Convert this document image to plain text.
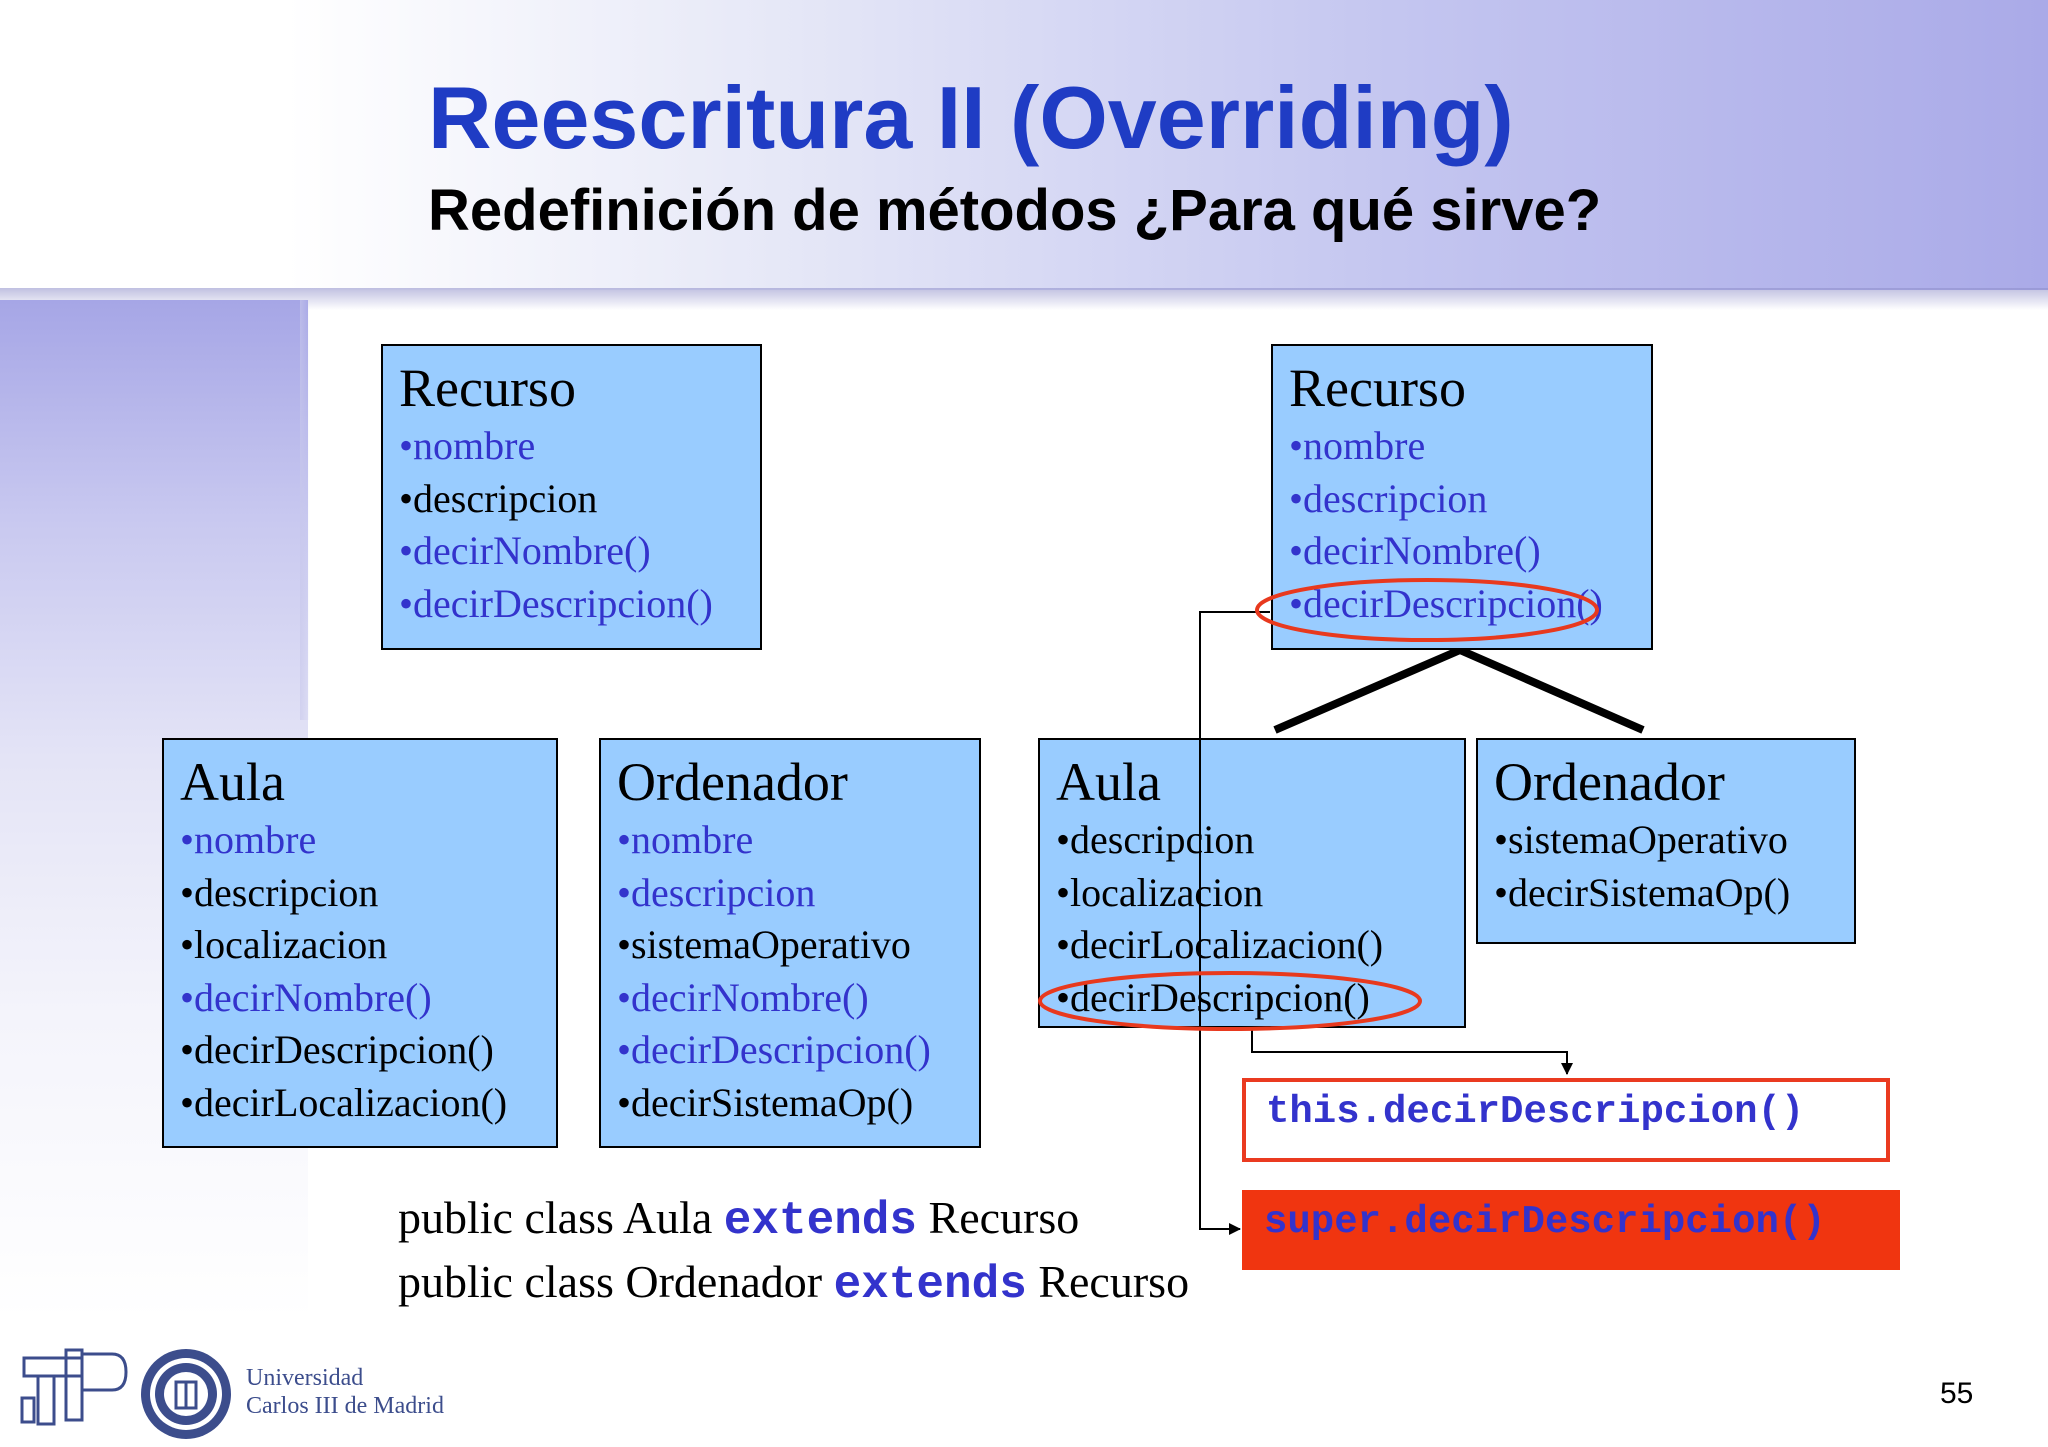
Reescritura II (Overriding)
Redefinición de métodos ¿Para qué sirve?
Recurso
•nombre
•descripcion
•decirNombre()
•decirDescripcion()
Aula
•nombre
•descripcion
•localizacion
•decirNombre()
•decirDescripcion()
•decirLocalizacion()
Ordenador
•nombre
•descripcion
•sistemaOperativo
•decirNombre()
•decirDescripcion()
•decirSistemaOp()
Recurso
•nombre
•descripcion
•decirNombre()
•decirDescripcion()
Aula
•descripcion
•localizacion
•decirLocalizacion()
•decirDescripcion()
Ordenador
•sistemaOperativo
•decirSistemaOp()
this.decirDescripcion()
super.decirDescripcion()
public class Aula extends Recurso
public class Ordenador extends Recurso
Universidad
Carlos III de Madrid	55
